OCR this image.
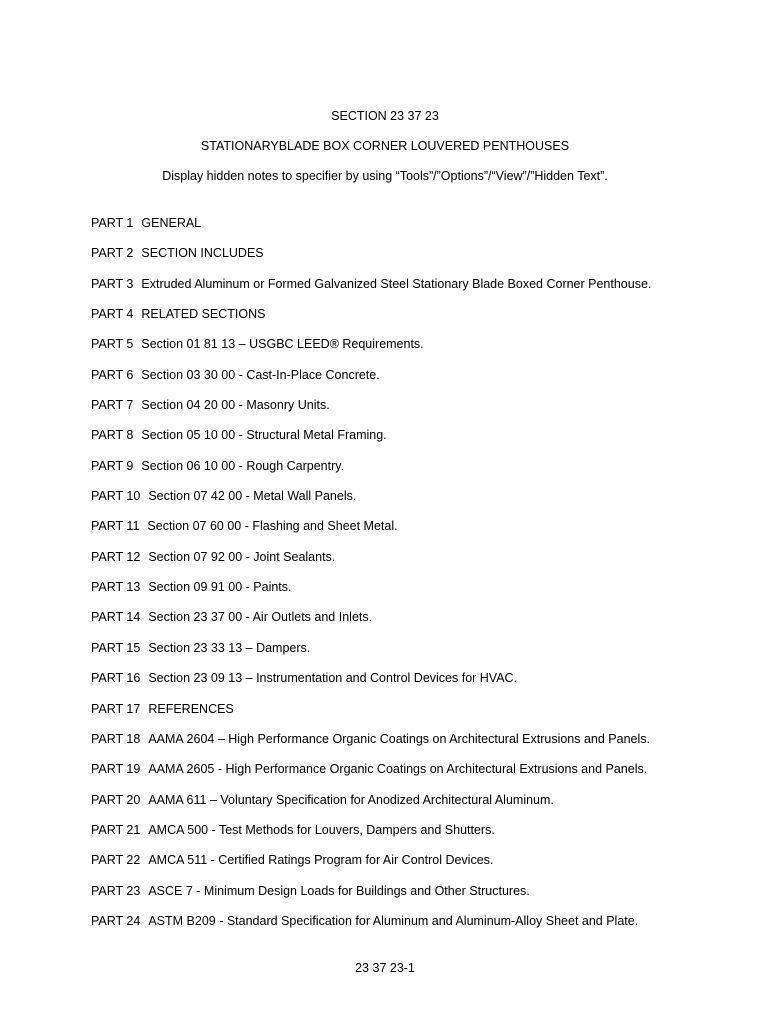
SECTION 23 37 23
STATIONARYBLADE BOX CORNER LOUVERED PENTHOUSES
Display hidden notes to specifier by using “Tools”/”Options”/“View”/”Hidden Text”.
PART 1 GENERAL
PART 2 SECTION INCLUDES
PART 3 Extruded Aluminum or Formed Galvanized Steel Stationary Blade Boxed Corner Penthouse.
PART 4 RELATED SECTIONS
PART 5 Section 01 81 13 – USGBC LEED® Requirements.
PART 6 Section 03 30 00 - Cast-In-Place Concrete.
PART 7 Section 04 20 00 - Masonry Units.
PART 8 Section 05 10 00 - Structural Metal Framing.
PART 9 Section 06 10 00 - Rough Carpentry.
PART 10 Section 07 42 00 - Metal Wall Panels.
PART 11 Section 07 60 00 - Flashing and Sheet Metal.
PART 12 Section 07 92 00 - Joint Sealants.
PART 13 Section 09 91 00 - Paints.
PART 14 Section 23 37 00 - Air Outlets and Inlets.
PART 15 Section 23 33 13 – Dampers.
PART 16 Section 23 09 13 – Instrumentation and Control Devices for HVAC.
PART 17 REFERENCES
PART 18 AAMA 2604 – High Performance Organic Coatings on Architectural Extrusions and Panels.
PART 19 AAMA 2605 - High Performance Organic Coatings on Architectural Extrusions and Panels.
PART 20 AAMA 611 – Voluntary Specification for Anodized Architectural Aluminum.
PART 21 AMCA 500 - Test Methods for Louvers, Dampers and Shutters.
PART 22 AMCA 511 - Certified Ratings Program for Air Control Devices.
PART 23 ASCE 7 - Minimum Design Loads for Buildings and Other Structures.
PART 24 ASTM B209 - Standard Specification for Aluminum and Aluminum-Alloy Sheet and Plate.
23 37 23-1
